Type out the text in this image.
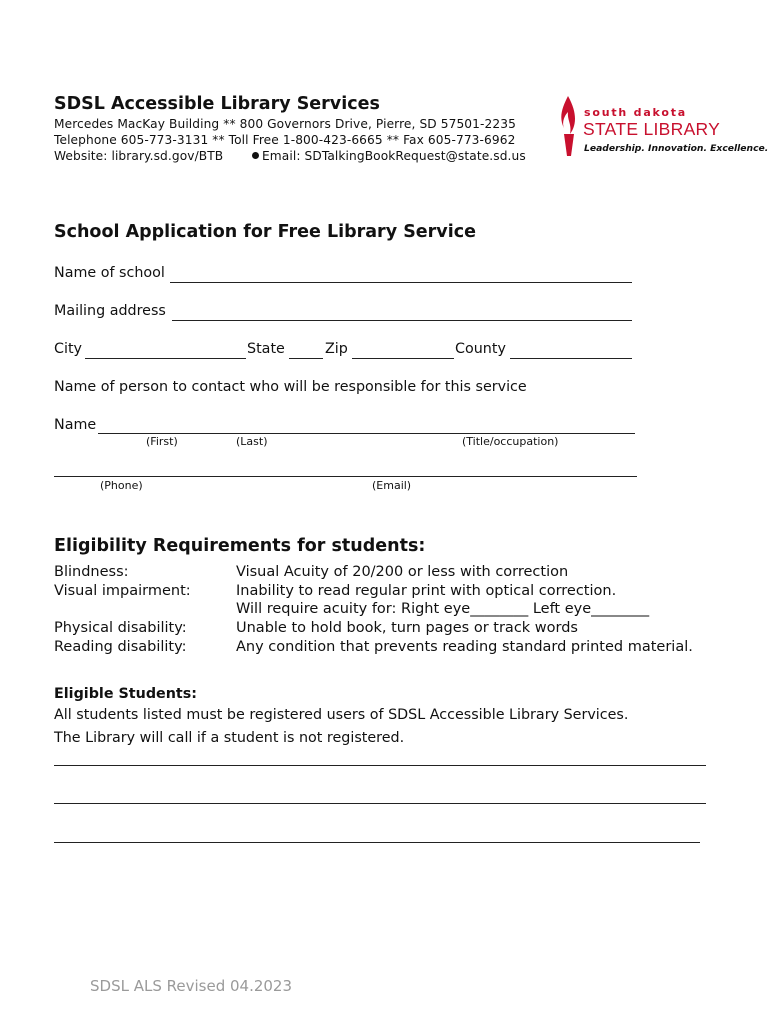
SDSL Accessible Library Services
Mercedes MacKay Building ** 800 Governors Drive, Pierre, SD 57501-2235
Telephone 605-773-3131 ** Toll Free 1-800-423-6665 ** Fax 605-773-6962
Website: library.sd.gov/BTB	Email: SDTalkingBookRequest@state.sd.us
south dakota
STATE LIBRARY
Leadership. Innovation. Excellence.
School Application for Free Library Service
Name of school
Mailing address
City	State	Zip	County
Name of person to contact who will be responsible for this service
Name
(First)	(Last)	(Title/occupation)
(Phone)	(Email)
Eligibility Requirements for students:
Blindness:	Visual Acuity of 20/200 or less with correction
Visual impairment:	Inability to read regular print with optical correction.
Will require acuity for: Right eye________ Left eye________
Physical disability:	Unable to hold book, turn pages or track words
Reading disability:	Any condition that prevents reading standard printed material.
Eligible Students:
All students listed must be registered users of SDSL Accessible Library Services.
The Library will call if a student is not registered.
SDSL ALS Revised 04.2023
